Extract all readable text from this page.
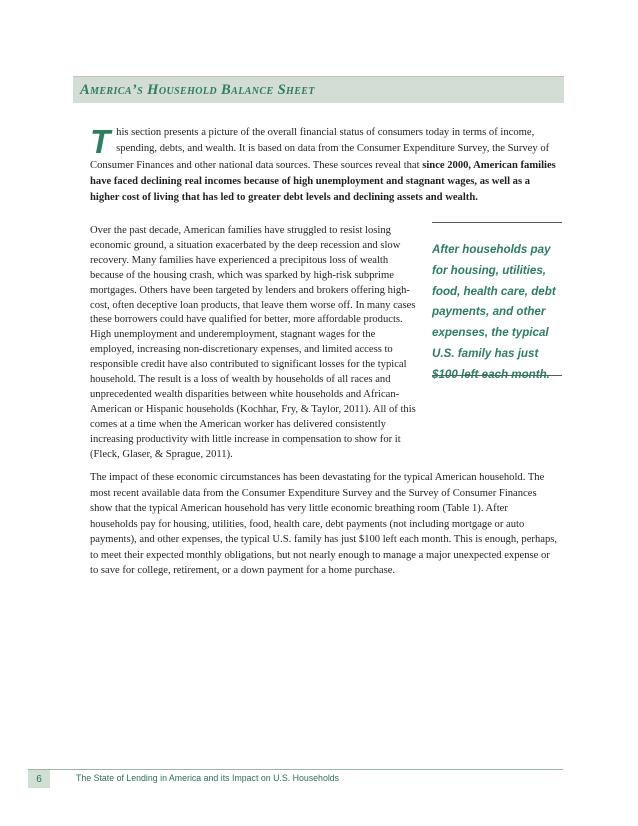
America’s Household Balance Sheet
T his section presents a picture of the overall financial status of consumers today in terms of income, spending, debts, and wealth. It is based on data from the Consumer Expenditure Survey, the Survey of Consumer Finances and other national data sources. These sources reveal that since 2000, American families have faced declining real incomes because of high unemployment and stagnant wages, as well as a higher cost of living that has led to greater debt levels and declining assets and wealth.

Over the past decade, American families have struggled to resist losing economic ground, a situation exacerbated by the deep recession and slow recovery. Many families have experienced a precipitous loss of wealth because of the housing crash, which was sparked by high-risk subprime mortgages. Others have been targeted by lenders and brokers offering high-cost, often deceptive loan products, that leave them worse off. In many cases these borrowers could have qualified for better, more affordable products. High unemployment and underemployment, stagnant wages for the employed, increasing non-discretionary expenses, and limited access to responsible credit have also contributed to significant losses for the typical household. The result is a loss of wealth by households of all races and unprecedented wealth disparities between white households and African-American or Hispanic households (Kochhar, Fry, & Taylor, 2011). All of this comes at a time when the American worker has delivered consistently increasing productivity with little increase in compensation to show for it (Fleck, Glaser, & Sprague, 2011).

After households pay for housing, utilities, food, health care, debt payments, and other expenses, the typical U.S. family has just $100 left each month.

The impact of these economic circumstances has been devastating for the typical American household. The most recent available data from the Consumer Expenditure Survey and the Survey of Consumer Finances show that the typical American household has very little economic breathing room (Table 1). After households pay for housing, utilities, food, health care, debt payments (not including mortgage or auto payments), and other expenses, the typical U.S. family has just $100 left each month. This is enough, perhaps, to meet their expected monthly obligations, but not nearly enough to manage a major unexpected expense or to save for college, retirement, or a down payment for a home purchase.

6	The State of Lending in America and its Impact on U.S. Households
